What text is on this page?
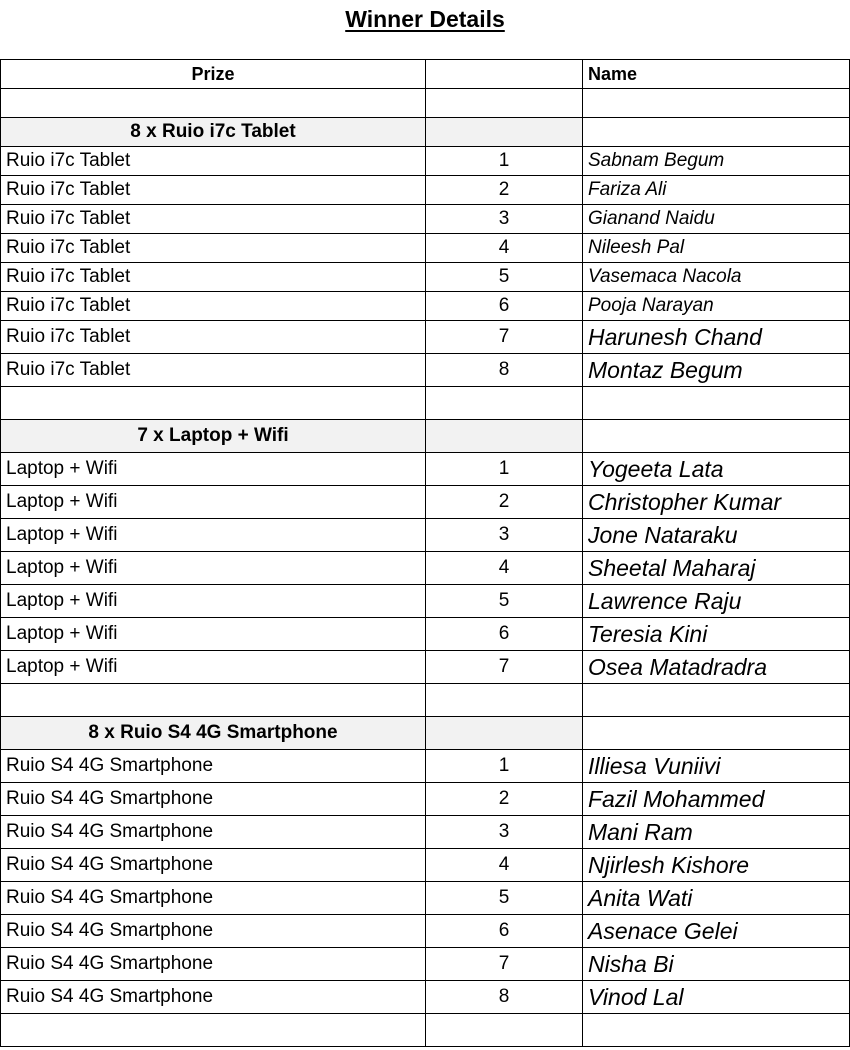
Winner Details
Prize		Name

8 x Ruio i7c Tablet		
Ruio i7c Tablet	1	Sabnam Begum
Ruio i7c Tablet	2	Fariza Ali
Ruio i7c Tablet	3	Gianand Naidu
Ruio i7c Tablet	4	Nileesh Pal
Ruio i7c Tablet	5	Vasemaca Nacola
Ruio i7c Tablet	6	Pooja Narayan
Ruio i7c Tablet	7	Harunesh Chand
Ruio i7c Tablet	8	Montaz Begum

7 x Laptop + Wifi		
Laptop + Wifi	1	Yogeeta Lata
Laptop + Wifi	2	Christopher Kumar
Laptop + Wifi	3	Jone Nataraku
Laptop + Wifi	4	Sheetal Maharaj
Laptop + Wifi	5	Lawrence Raju
Laptop + Wifi	6	Teresia Kini
Laptop + Wifi	7	Osea Matadradra

8 x Ruio S4 4G Smartphone		
Ruio S4 4G Smartphone	1	Illiesa Vuniivi
Ruio S4 4G Smartphone	2	Fazil Mohammed
Ruio S4 4G Smartphone	3	Mani Ram
Ruio S4 4G Smartphone	4	Njirlesh Kishore
Ruio S4 4G Smartphone	5	Anita Wati
Ruio S4 4G Smartphone	6	Asenace Gelei
Ruio S4 4G Smartphone	7	Nisha Bi
Ruio S4 4G Smartphone	8	Vinod Lal
